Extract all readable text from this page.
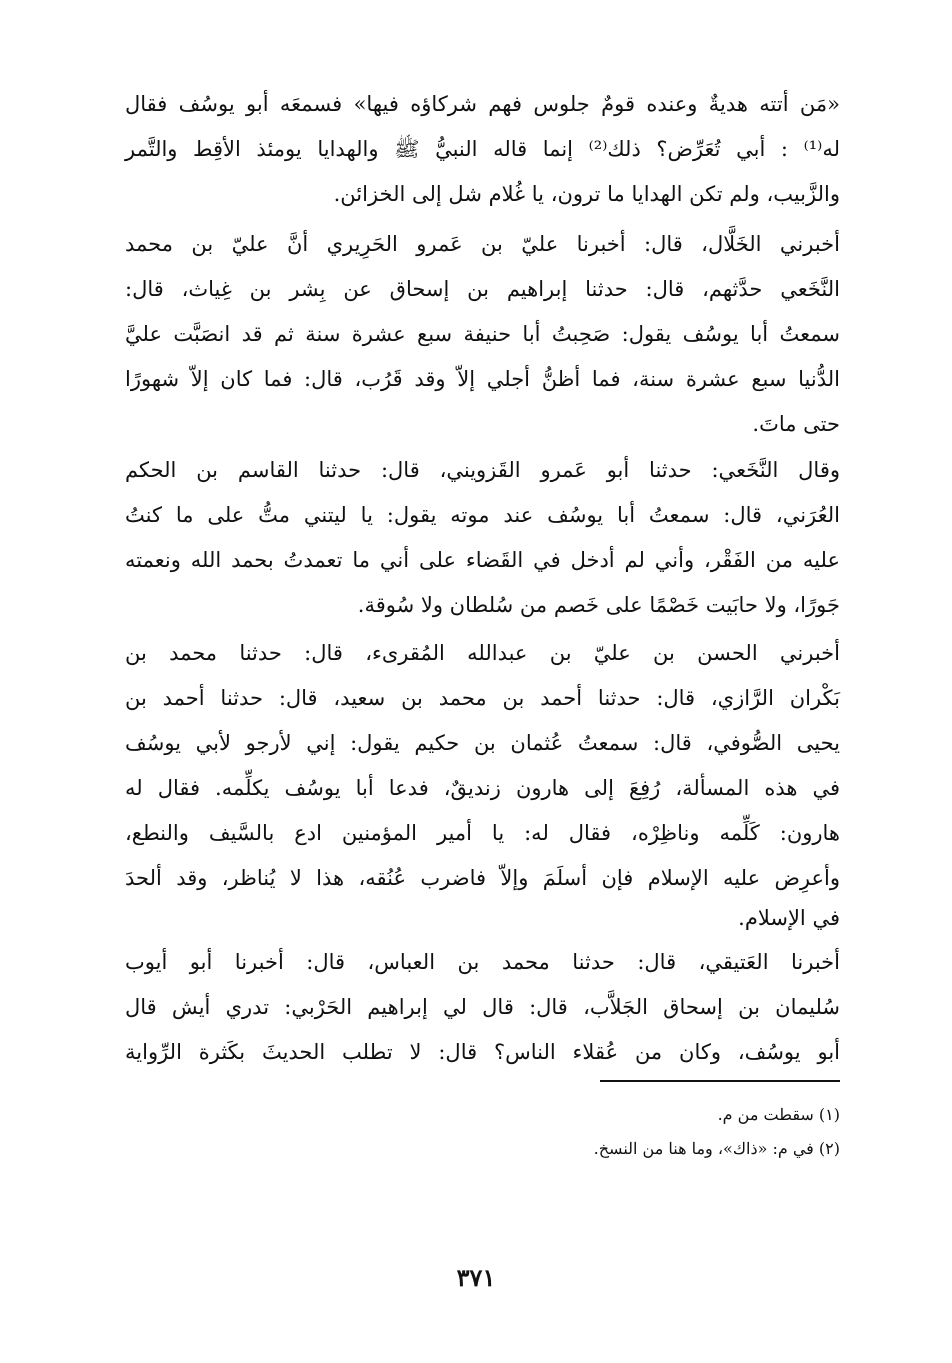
«مَن أتته هديةٌ وعنده قومٌ جلوس فهم شركاؤه فيها» فسمعَه أبو يوسُف فقال
له⁽¹⁾ : أبي تُعَرِّض؟ ذلك⁽²⁾ إنما قاله النبيُّ ﷺ والهدايا يومئذ الأقِط والتَّمر
والزَّبيب، ولم تكن الهدايا ما ترون، يا غُلام شل إلى الخزائن.
أخبرني الخَلَّال، قال: أخبرنا عليّ بن عَمرو الحَرِيري أنَّ عليّ بن محمد
النَّخَعي حدَّثهم، قال: حدثنا إبراهيم بن إسحاق عن بِشر بن غِياث، قال:
سمعتُ أبا يوسُف يقول: صَحِبتُ أبا حنيفة سبع عشرة سنة ثم قد انصَبَّت عليَّ
الدُّنيا سبع عشرة سنة، فما أظنُّ أجلي إلاّ وقد قَرُب، قال: فما كان إلاّ شهورًا
حتى ماتَ.
وقال النَّخَعي: حدثنا أبو عَمرو القَزويني، قال: حدثنا القاسم بن الحكم
العُرَني، قال: سمعتُ أبا يوسُف عند موته يقول: يا ليتني متُّ على ما كنتُ
عليه من الفَقْر، وأني لم أدخل في القَضاء على أني ما تعمدتُ بحمد الله ونعمته
جَورًا، ولا حابَيت خَصْمًا على خَصم من سُلطان ولا سُوقة.
أخبرني الحسن بن عليّ بن عبدالله المُقرىء، قال: حدثنا محمد بن
بَكْران الرَّازي، قال: حدثنا أحمد بن محمد بن سعيد، قال: حدثنا أحمد بن
يحيى الصُّوفي، قال: سمعتُ عُثمان بن حكيم يقول: إني لأرجو لأبي يوسُف
في هذه المسألة، رُفِعَ إلى هارون زنديقٌ، فدعا أبا يوسُف يكلِّمه. فقال له
هارون: كَلِّمه وناظِرْه، فقال له: يا أمير المؤمنين ادع بالسَّيف والنطع،
وأعرِض عليه الإسلام فإن أسلَمَ وإلاّ فاضرب عُنُقه، هذا لا يُناظر، وقد ألحدَ
في الإسلام.
أخبرنا العَتيقي، قال: حدثنا محمد بن العباس، قال: أخبرنا أبو أيوب
سُليمان بن إسحاق الجَلاَّب، قال: قال لي إبراهيم الحَرْبي: تدري أيش قال
أبو يوسُف، وكان من عُقلاء الناس؟ قال: لا تطلب الحديثَ بكَثرة الرِّواية
(١) سقطت من م.
(٢) في م: «ذاك»، وما هنا من النسخ.
٣٧١
